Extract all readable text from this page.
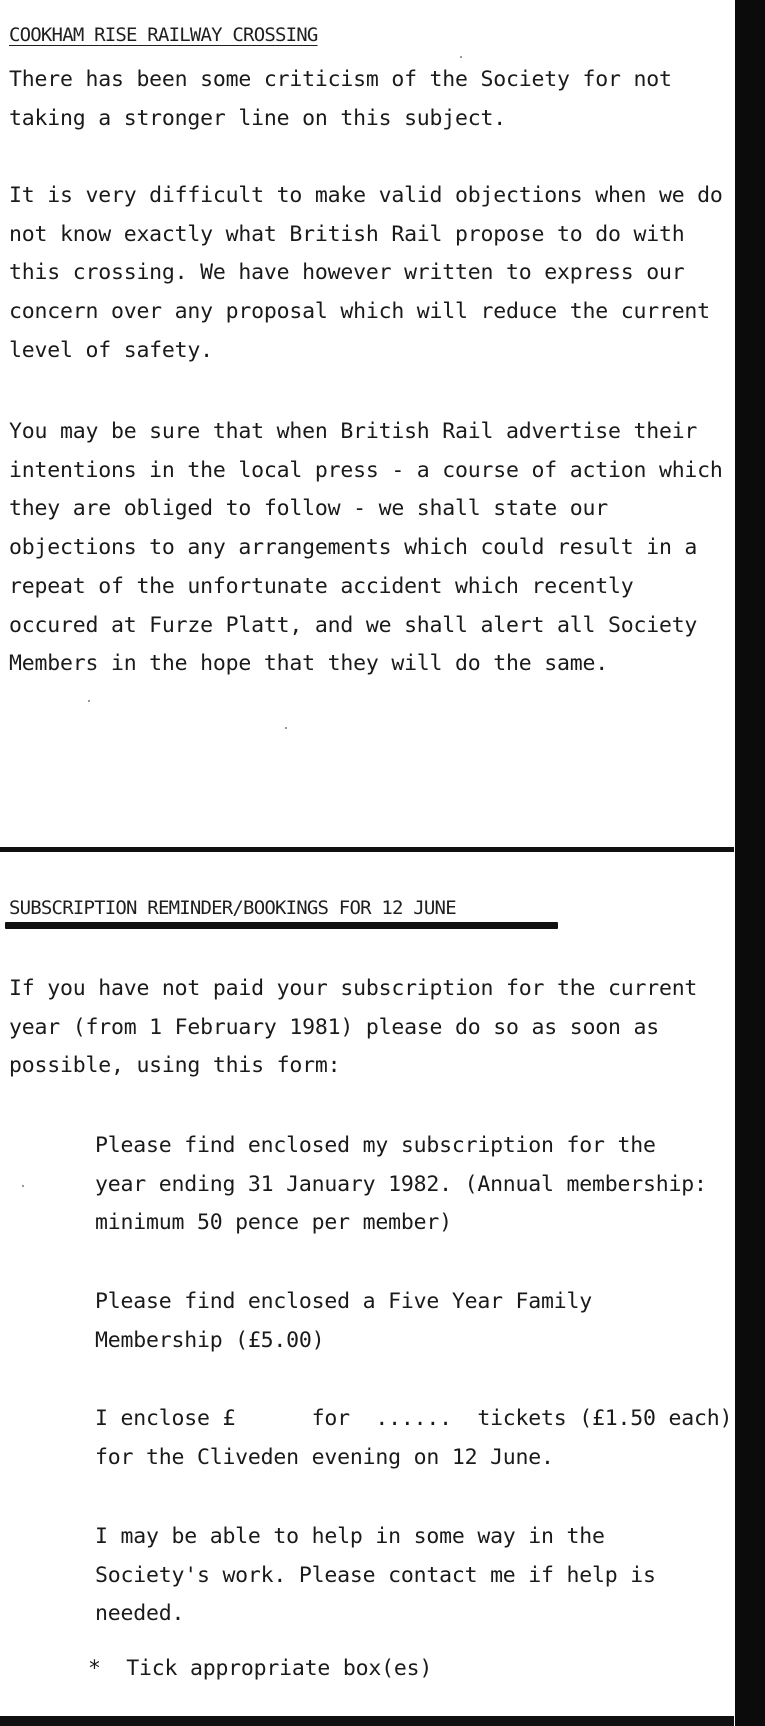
COOKHAM RISE RAILWAY CROSSING
There has been some criticism of the Society for not
taking a stronger line on this subject.
It is very difficult to make valid objections when we do
not know exactly what British Rail propose to do with
this crossing. We have however written to express our
concern over any proposal which will reduce the current
level of safety.
You may be sure that when British Rail advertise their
intentions in the local press - a course of action which
they are obliged to follow - we shall state our
objections to any arrangements which could result in a
repeat of the unfortunate accident which recently
occured at Furze Platt, and we shall alert all Society
Members in the hope that they will do the same.
SUBSCRIPTION REMINDER/BOOKINGS FOR 12 JUNE
If you have not paid your subscription for the current
year (from 1 February 1981) please do so as soon as
possible, using this form:
Please find enclosed my subscription for the
year ending 31 January 1982. (Annual membership:
minimum 50 pence per member)
Please find enclosed a Five Year Family
Membership (£5.00)
I enclose £      for  ......  tickets (£1.50 each)
for the Cliveden evening on 12 June.
I may be able to help in some way in the
Society's work. Please contact me if help is
needed.
*  Tick appropriate box(es)
